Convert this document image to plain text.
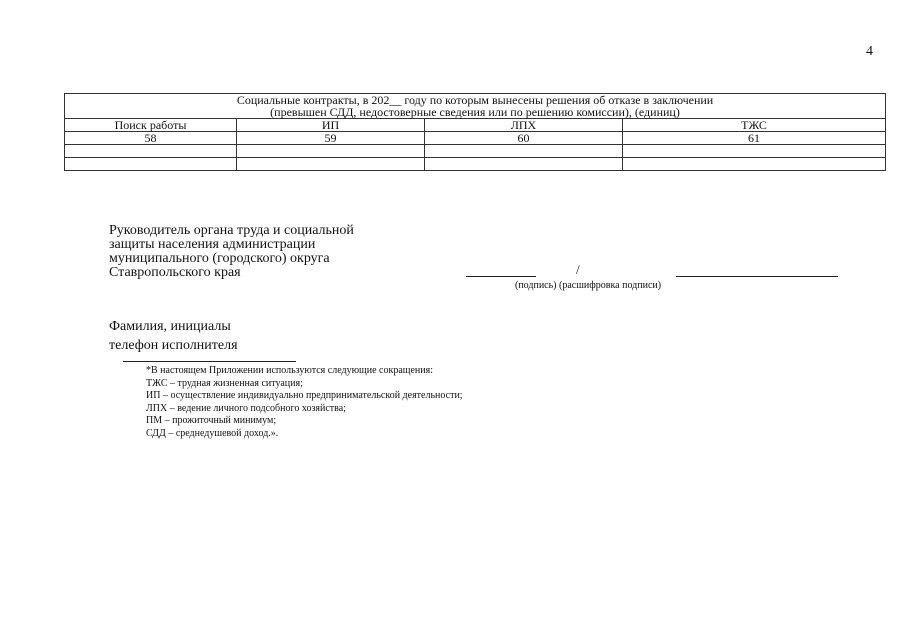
4
Социальные контракты, в 202__ году по которым вынесены решения об отказе в заключении
(превышен СДД, недостоверные сведения или по решению комиссии), (единиц)			

Поиск работы	ИП	ЛПХ	ТЖС
58	59	60	61

Руководитель органа труда и социальной
защиты населения администрации
муниципального (городского) округа
Ставропольского края	/
(подпись) (расшифровка подписи)
Фамилия, инициалы
телефон исполнителя
*В настоящем Приложении используются следующие сокращения:
ТЖС – трудная жизненная ситуация;
ИП – осуществление индивидуально предпринимательской деятельности;
ЛПХ – ведение личного подсобного хозяйства;
ПМ – прожиточный минимум;
СДД – среднедушевой доход.».
